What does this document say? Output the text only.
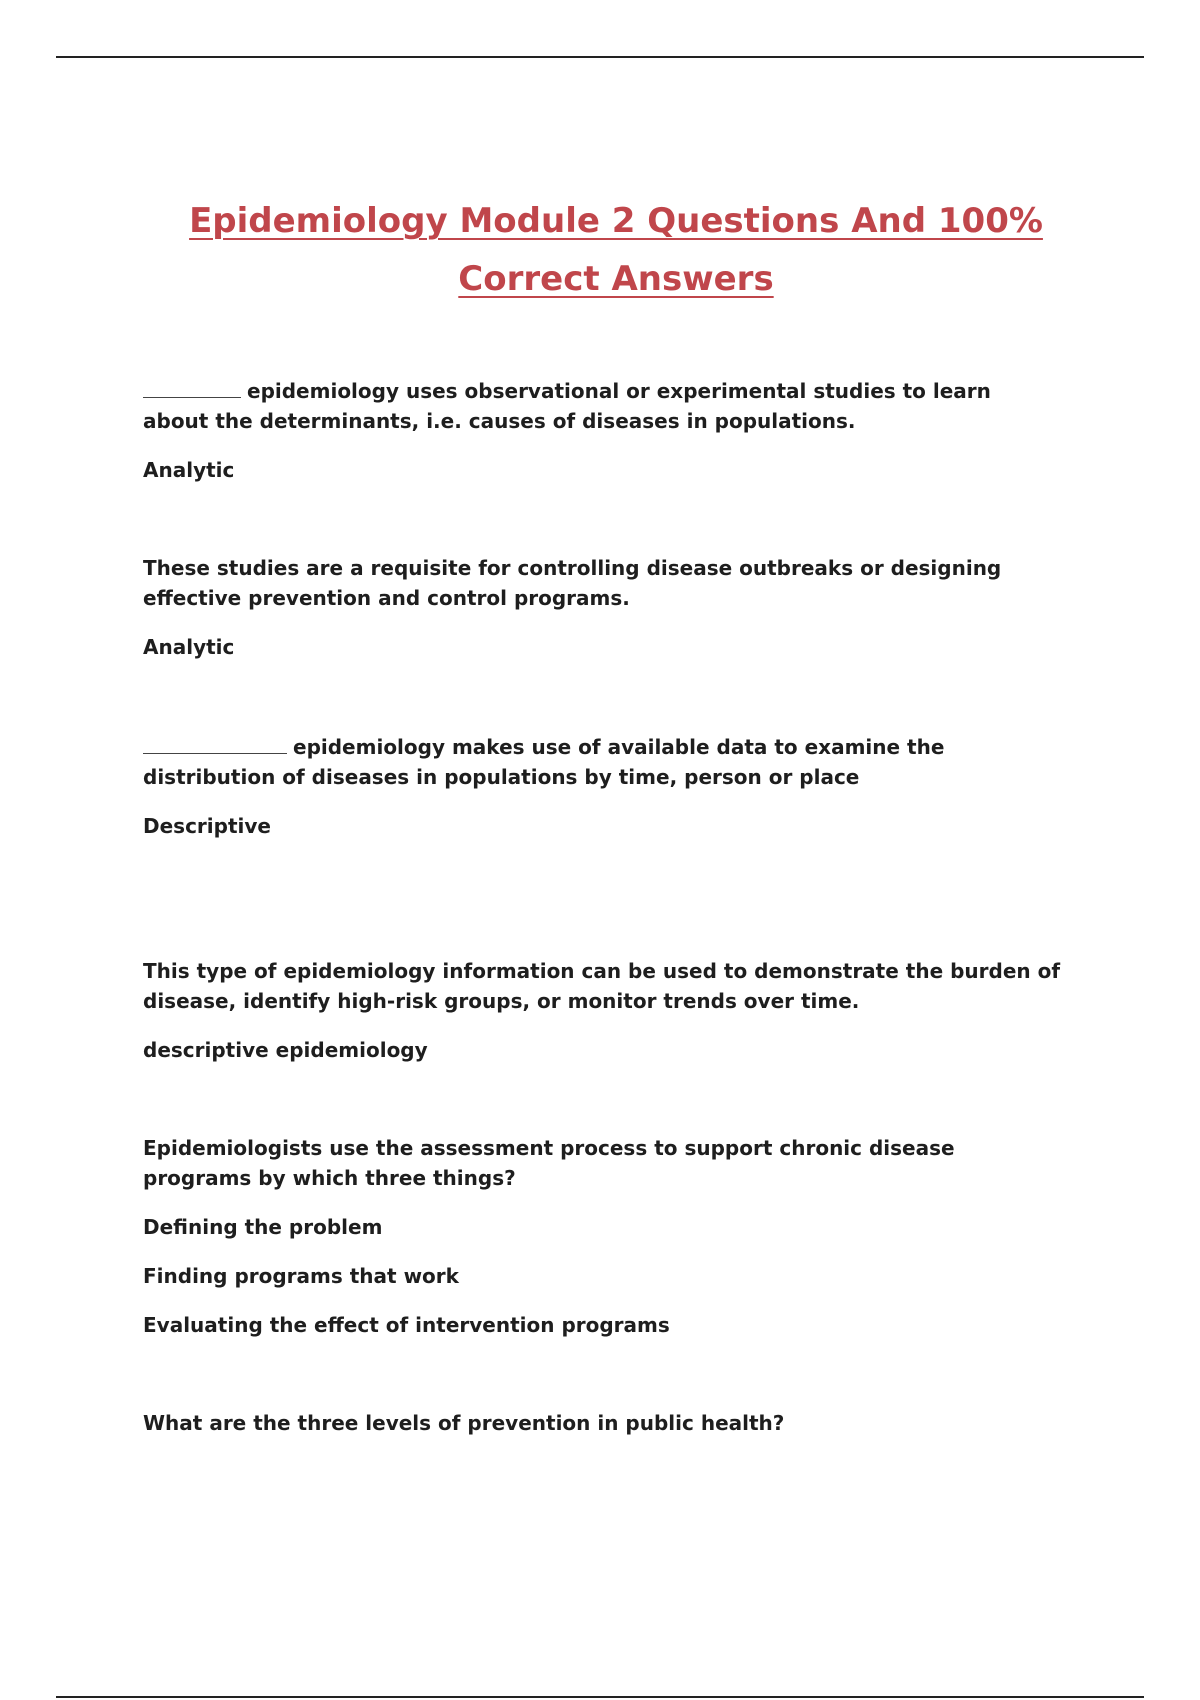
Epidemiology Module 2 Questions And 100%
Correct Answers

epidemiology uses observational or experimental studies to learn about the determinants, i.e. causes of diseases in populations.

Analytic

These studies are a requisite for controlling disease outbreaks or designing effective prevention and control programs.

Analytic

epidemiology makes use of available data to examine the distribution of diseases in populations by time, person or place

Descriptive

This type of epidemiology information can be used to demonstrate the burden of disease, identify high-risk groups, or monitor trends over time.

descriptive epidemiology

Epidemiologists use the assessment process to support chronic disease programs by which three things?

Defining the problem

Finding programs that work

Evaluating the effect of intervention programs

What are the three levels of prevention in public health?
